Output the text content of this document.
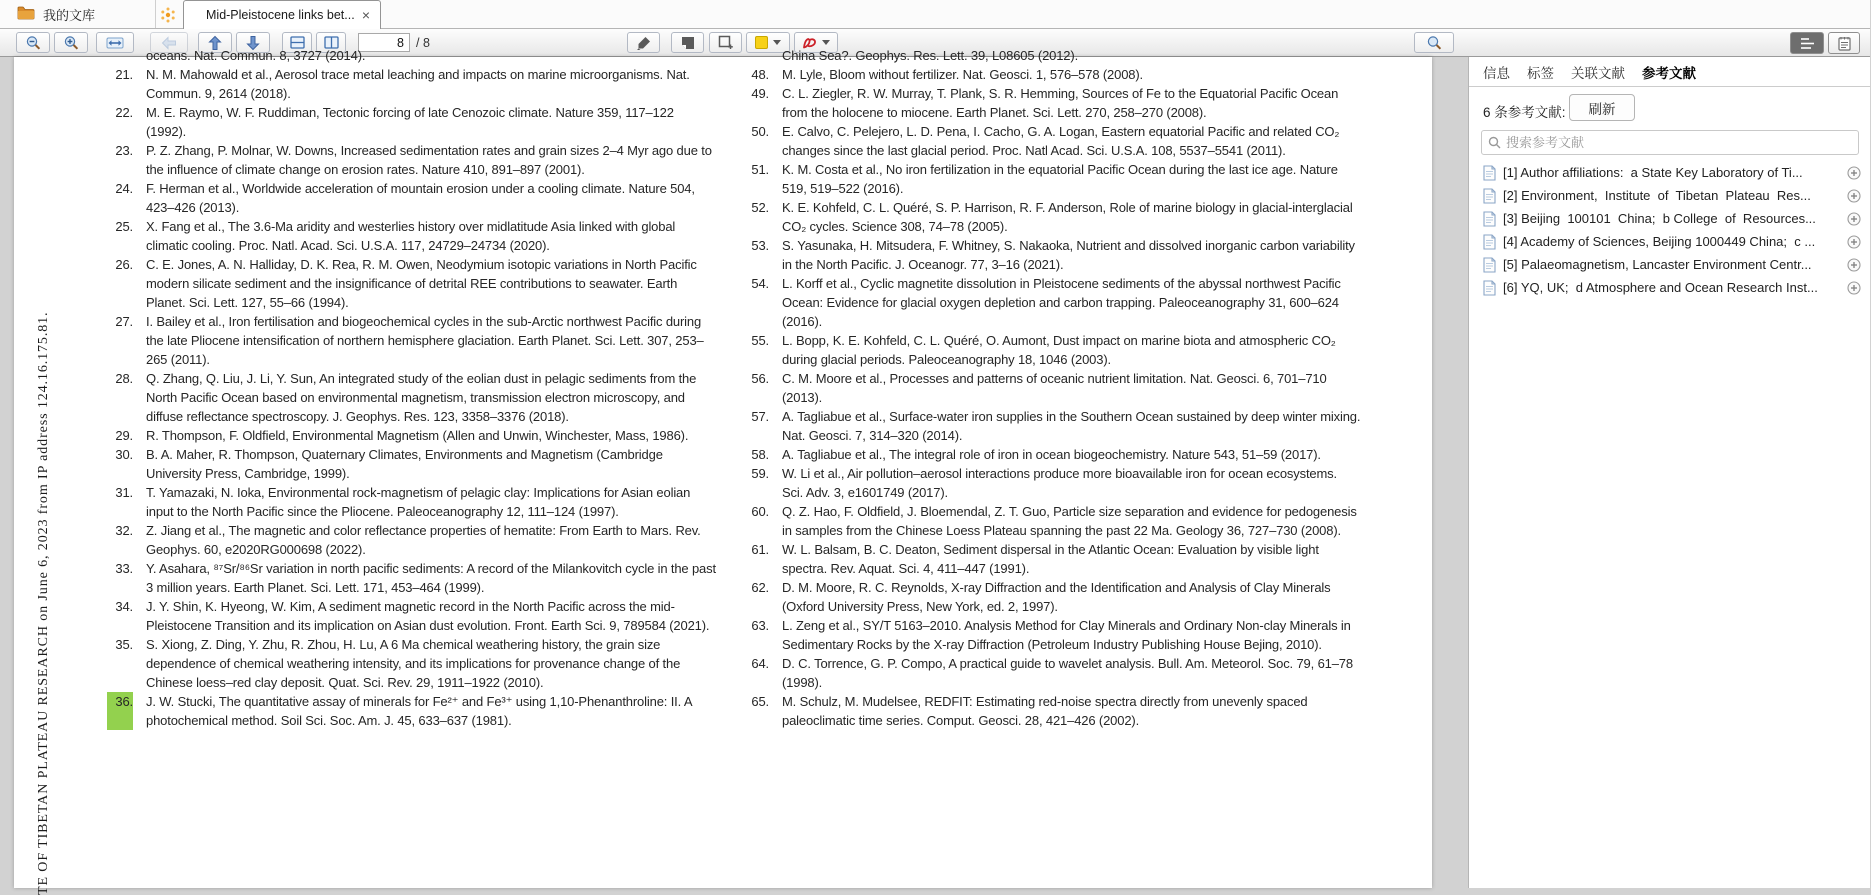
我的文库	Mid-Pleistocene links bet... ×
8
/ 8
TE OF TIBETAN PLATEAU RESEARCH on June 6, 2023 from IP address 124.16.175.81.
oceans. Nat. Commun. 8, 3727 (2014).
21. N. M. Mahowald et al., Aerosol trace metal leaching and impacts on marine microorganisms. Nat. Commun. 9, 2614 (2018).
22. M. E. Raymo, W. F. Ruddiman, Tectonic forcing of late Cenozoic climate. Nature 359, 117–122 (1992).
23. P. Z. Zhang, P. Molnar, W. Downs, Increased sedimentation rates and grain sizes 2–4 Myr ago due to the influence of climate change on erosion rates. Nature 410, 891–897 (2001).
24. F. Herman et al., Worldwide acceleration of mountain erosion under a cooling climate. Nature 504, 423–426 (2013).
25. X. Fang et al., The 3.6-Ma aridity and westerlies history over midlatitude Asia linked with global climatic cooling. Proc. Natl. Acad. Sci. U.S.A. 117, 24729–24734 (2020).
26. C. E. Jones, A. N. Halliday, D. K. Rea, R. M. Owen, Neodymium isotopic variations in North Pacific modern silicate sediment and the insignificance of detrital REE contributions to seawater. Earth Planet. Sci. Lett. 127, 55–66 (1994).
27. I. Bailey et al., Iron fertilisation and biogeochemical cycles in the sub-Arctic northwest Pacific during the late Pliocene intensification of northern hemisphere glaciation. Earth Planet. Sci. Lett. 307, 253–265 (2011).
28. Q. Zhang, Q. Liu, J. Li, Y. Sun, An integrated study of the eolian dust in pelagic sediments from the North Pacific Ocean based on environmental magnetism, transmission electron microscopy, and diffuse reflectance spectroscopy. J. Geophys. Res. 123, 3358–3376 (2018).
29. R. Thompson, F. Oldfield, Environmental Magnetism (Allen and Unwin, Winchester, Mass, 1986).
30. B. A. Maher, R. Thompson, Quaternary Climates, Environments and Magnetism (Cambridge University Press, Cambridge, 1999).
31. T. Yamazaki, N. Ioka, Environmental rock-magnetism of pelagic clay: Implications for Asian eolian input to the North Pacific since the Pliocene. Paleoceanography 12, 111–124 (1997).
32. Z. Jiang et al., The magnetic and color reflectance properties of hematite: From Earth to Mars. Rev. Geophys. 60, e2020RG000698 (2022).
33. Y. Asahara, ⁸⁷Sr/⁸⁶Sr variation in north pacific sediments: A record of the Milankovitch cycle in the past 3 million years. Earth Planet. Sci. Lett. 171, 453–464 (1999).
34. J. Y. Shin, K. Hyeong, W. Kim, A sediment magnetic record in the North Pacific across the mid-Pleistocene Transition and its implication on Asian dust evolution. Front. Earth Sci. 9, 789584 (2021).
35. S. Xiong, Z. Ding, Y. Zhu, R. Zhou, H. Lu, A 6 Ma chemical weathering history, the grain size dependence of chemical weathering intensity, and its implications for provenance change of the Chinese loess–red clay deposit. Quat. Sci. Rev. 29, 1911–1922 (2010).
36. J. W. Stucki, The quantitative assay of minerals for Fe²⁺ and Fe³⁺ using 1,10-Phenanthroline: II. A photochemical method. Soil Sci. Soc. Am. J. 45, 633–637 (1981).
China Sea?. Geophys. Res. Lett. 39, L08605 (2012).
48. M. Lyle, Bloom without fertilizer. Nat. Geosci. 1, 576–578 (2008).
49. C. L. Ziegler, R. W. Murray, T. Plank, S. R. Hemming, Sources of Fe to the Equatorial Pacific Ocean from the holocene to miocene. Earth Planet. Sci. Lett. 270, 258–270 (2008).
50. E. Calvo, C. Pelejero, L. D. Pena, I. Cacho, G. A. Logan, Eastern equatorial Pacific and related CO₂ changes since the last glacial period. Proc. Natl Acad. Sci. U.S.A. 108, 5537–5541 (2011).
51. K. M. Costa et al., No iron fertilization in the equatorial Pacific Ocean during the last ice age. Nature 519, 519–522 (2016).
52. K. E. Kohfeld, C. L. Quéré, S. P. Harrison, R. F. Anderson, Role of marine biology in glacial-interglacial CO₂ cycles. Science 308, 74–78 (2005).
53. S. Yasunaka, H. Mitsudera, F. Whitney, S. Nakaoka, Nutrient and dissolved inorganic carbon variability in the North Pacific. J. Oceanogr. 77, 3–16 (2021).
54. L. Korff et al., Cyclic magnetite dissolution in Pleistocene sediments of the abyssal northwest Pacific Ocean: Evidence for glacial oxygen depletion and carbon trapping. Paleoceanography 31, 600–624 (2016).
55. L. Bopp, K. E. Kohfeld, C. L. Quéré, O. Aumont, Dust impact on marine biota and atmospheric CO₂ during glacial periods. Paleoceanography 18, 1046 (2003).
56. C. M. Moore et al., Processes and patterns of oceanic nutrient limitation. Nat. Geosci. 6, 701–710 (2013).
57. A. Tagliabue et al., Surface-water iron supplies in the Southern Ocean sustained by deep winter mixing. Nat. Geosci. 7, 314–320 (2014).
58. A. Tagliabue et al., The integral role of iron in ocean biogeochemistry. Nature 543, 51–59 (2017).
59. W. Li et al., Air pollution–aerosol interactions produce more bioavailable iron for ocean ecosystems. Sci. Adv. 3, e1601749 (2017).
60. Q. Z. Hao, F. Oldfield, J. Bloemendal, Z. T. Guo, Particle size separation and evidence for pedogenesis in samples from the Chinese Loess Plateau spanning the past 22 Ma. Geology 36, 727–730 (2008).
61. W. L. Balsam, B. C. Deaton, Sediment dispersal in the Atlantic Ocean: Evaluation by visible light spectra. Rev. Aquat. Sci. 4, 411–447 (1991).
62. D. M. Moore, R. C. Reynolds, X-ray Diffraction and the Identification and Analysis of Clay Minerals (Oxford University Press, New York, ed. 2, 1997).
63. L. Zeng et al., SY/T 5163–2010. Analysis Method for Clay Minerals and Ordinary Non-clay Minerals in Sedimentary Rocks by the X-ray Diffraction (Petroleum Industry Publishing House Bejing, 2010).
64. D. C. Torrence, G. P. Compo, A practical guide to wavelet analysis. Bull. Am. Meteorol. Soc. 79, 61–78 (1998).
65. M. Schulz, M. Mudelsee, REDFIT: Estimating red-noise spectra directly from unevenly spaced paleoclimatic time series. Comput. Geosci. 28, 421–426 (2002).
信息 标签 关联文献 参考文献
6 条参考文献:	刷新
搜索参考文献
[1] Author affiliations:  a State Key Laboratory of Ti...
[2] Environment,  Institute  of  Tibetan  Plateau  Res...
[3] Beijing  100101  China;  b College  of  Resources...
[4] Academy of Sciences, Beijing 1000449 China;  c ...
[5] Palaeomagnetism, Lancaster Environment Centr...
[6] YQ, UK;  d Atmosphere and Ocean Research Inst...
